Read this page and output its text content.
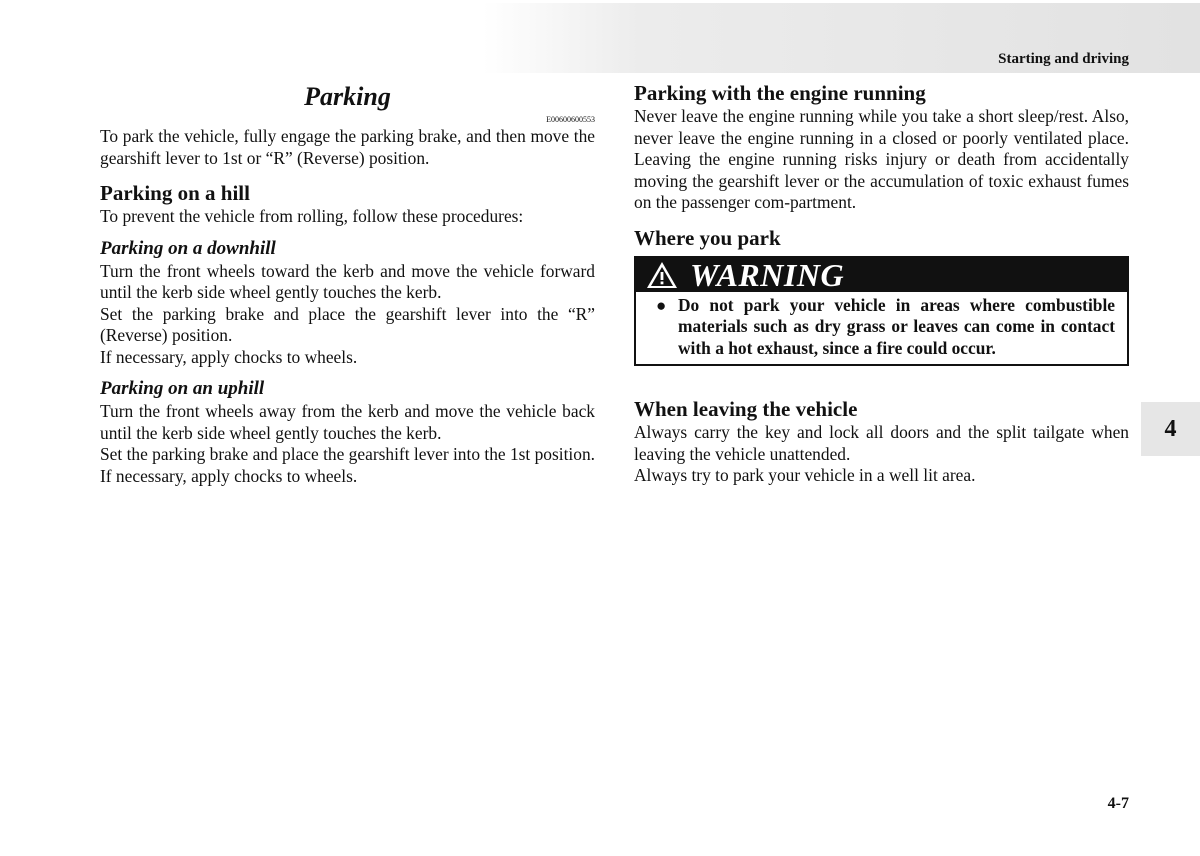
Starting and driving
Parking
E00600600553

To park the vehicle, fully engage the parking brake, and then move the gearshift lever to 1st or “R” (Reverse) position.

Parking on a hill

To prevent the vehicle from rolling, follow these procedures:

Parking on a downhill

Turn the front wheels toward the kerb and move the vehicle forward until the kerb side wheel gently touches the kerb.

Set the parking brake and place the gearshift lever into the “R” (Reverse) position.

If necessary, apply chocks to wheels.

Parking on an uphill

Turn the front wheels away from the kerb and move the vehicle back until the kerb side wheel gently touches the kerb.

Set the parking brake and place the gearshift lever into the 1st position.

If necessary, apply chocks to wheels.

Parking with the engine running

Never leave the engine running while you take a short sleep/rest. Also, never leave the engine running in a closed or poorly ventilated place. Leaving the engine running risks injury or death from accidentally moving the gearshift lever or the accumulation of toxic exhaust fumes on the passenger com-partment.

Where you park
WARNING
● Do not park your vehicle in areas where combustible materials such as dry grass or leaves can come in contact with a hot exhaust, since a fire could occur.
When leaving the vehicle

Always carry the key and lock all doors and the split tailgate when leaving the vehicle unattended.

Always try to park your vehicle in a well lit area.

4
4-7
